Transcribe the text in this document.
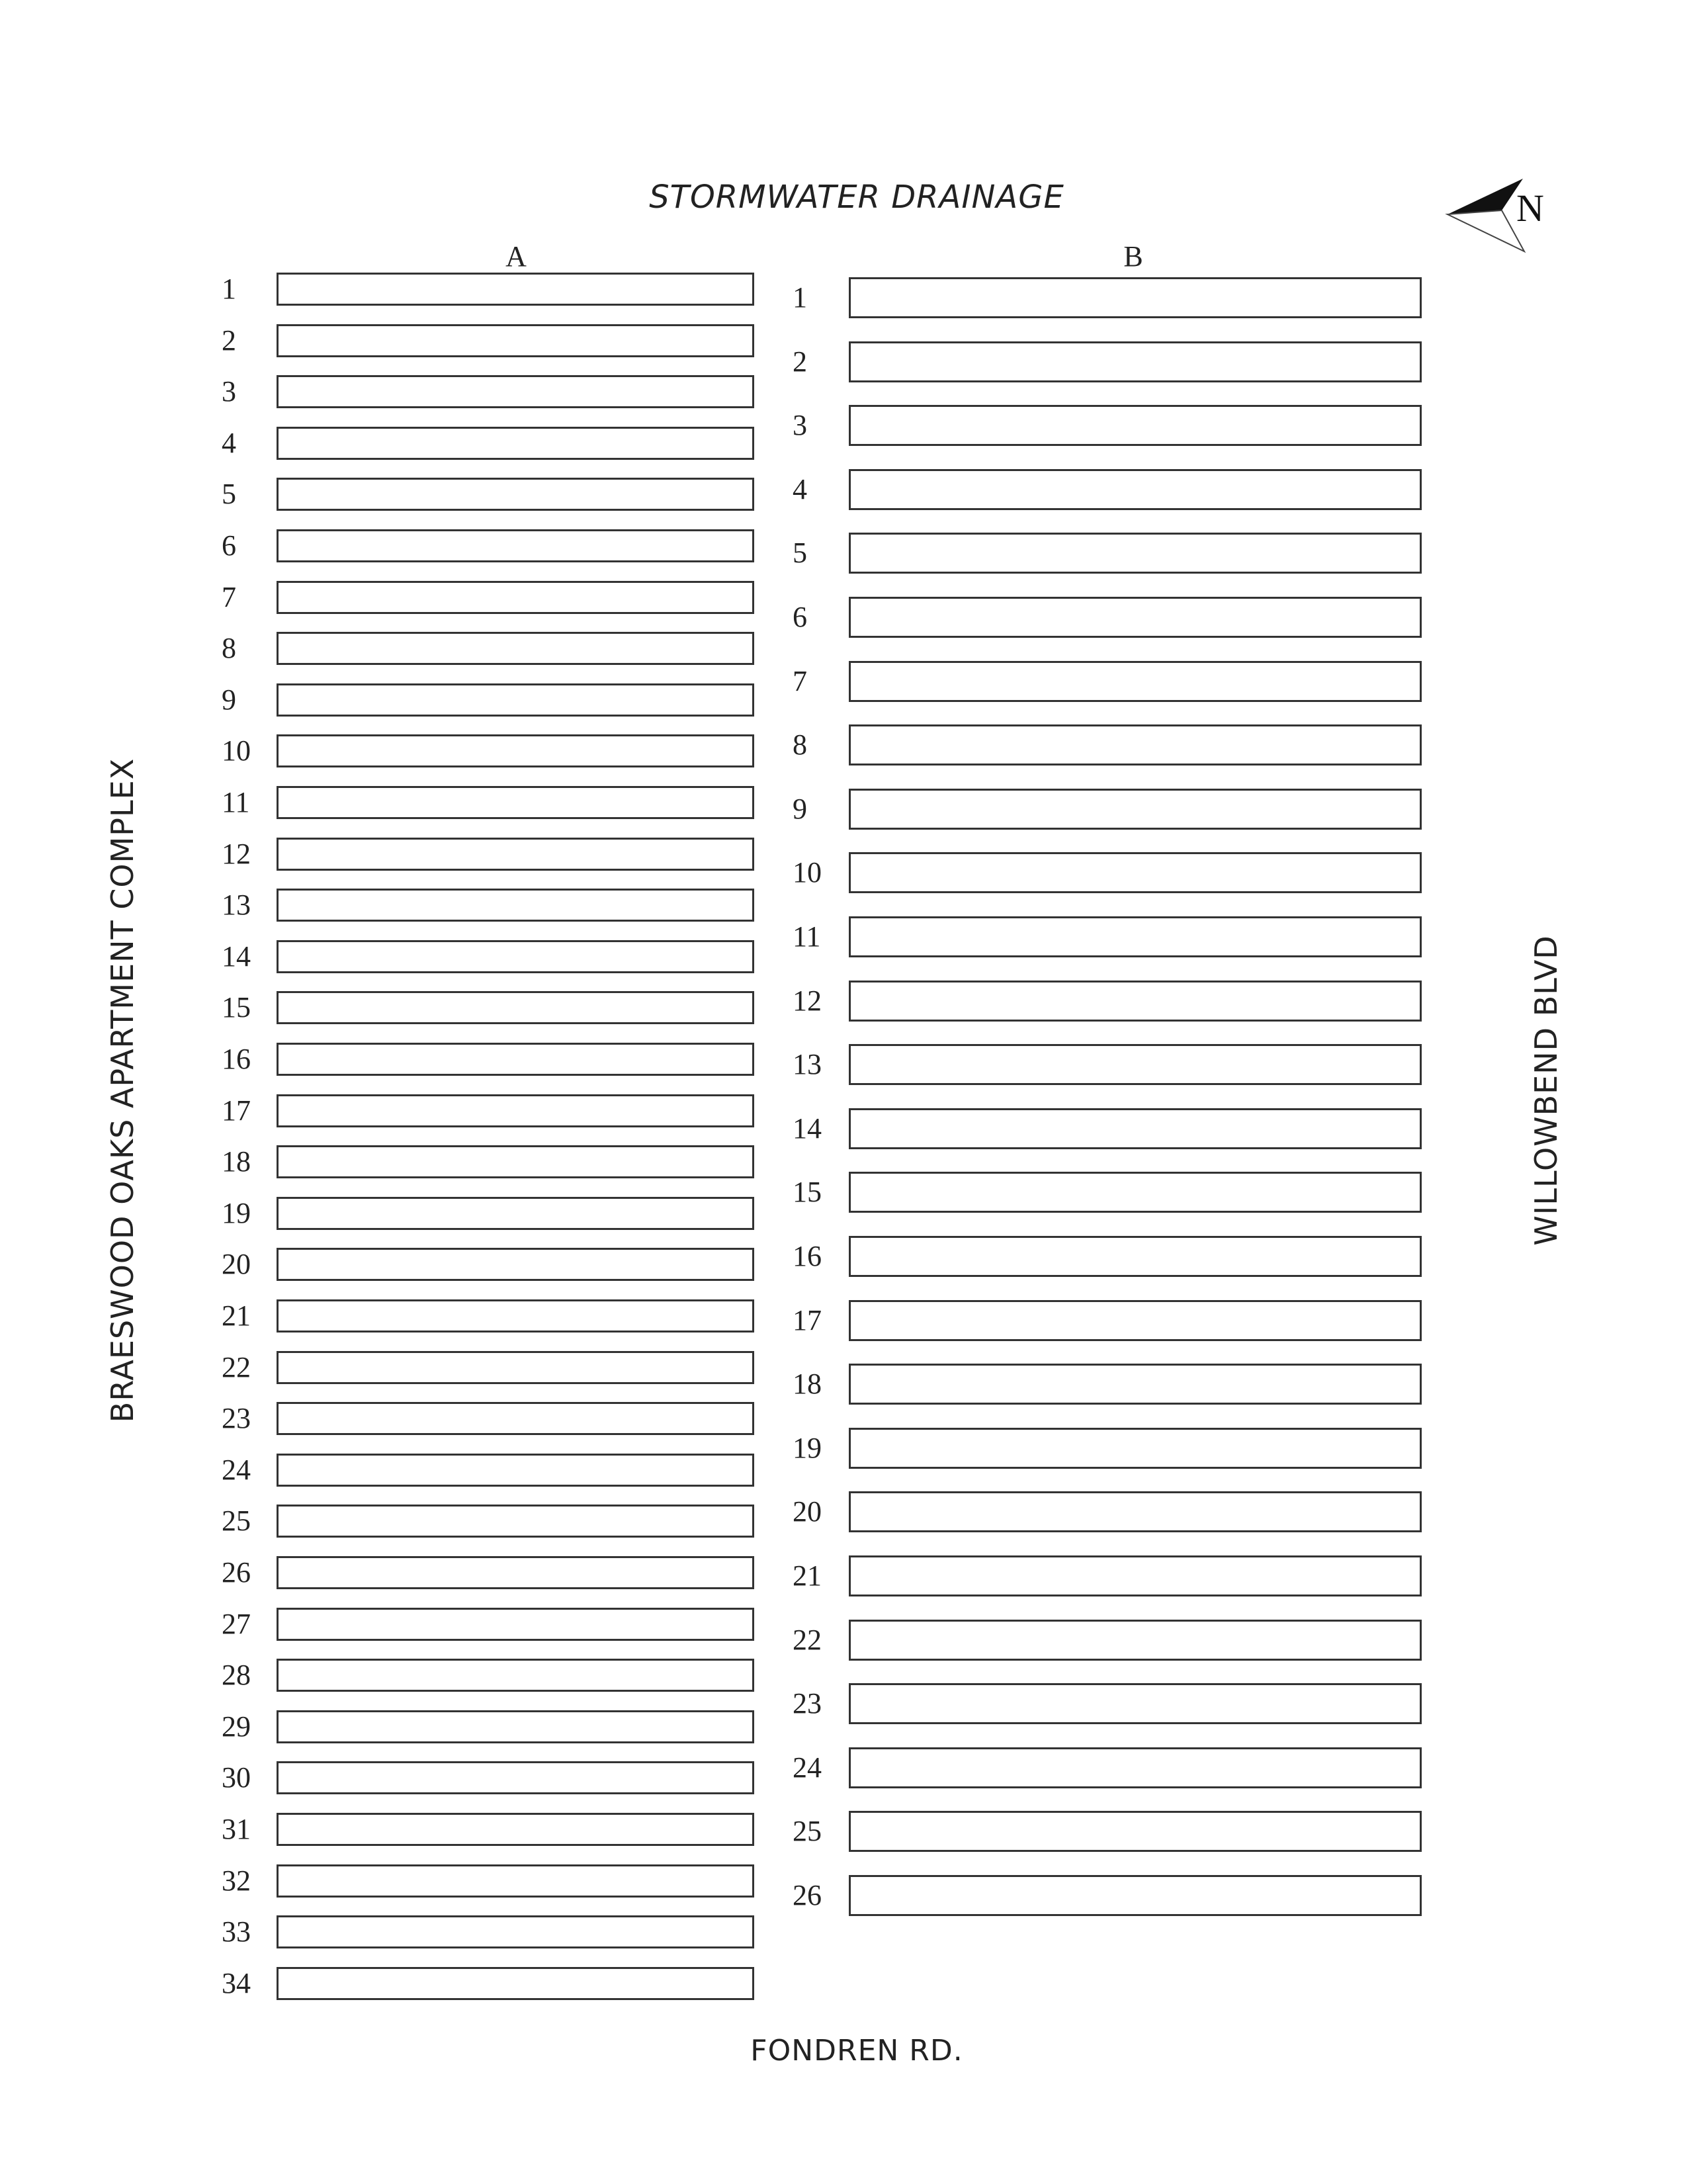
STORMWATER DRAINAGE	N
BRAESWOOD OAKS APARTMENT COMPLEX	WILLOWBEND BLVD
A	B
1
2
3
4
5
6
7
8
9
10
11
12
13
14
15
16
17
18
19
20
21
22
23
24
25
26
27
28
29
30
31
32
33
34
1
2
3
4
5
6
7
8
9
10
11
12
13
14
15
16
17
18
19
20
21
22
23
24
25
26
FONDREN RD.
